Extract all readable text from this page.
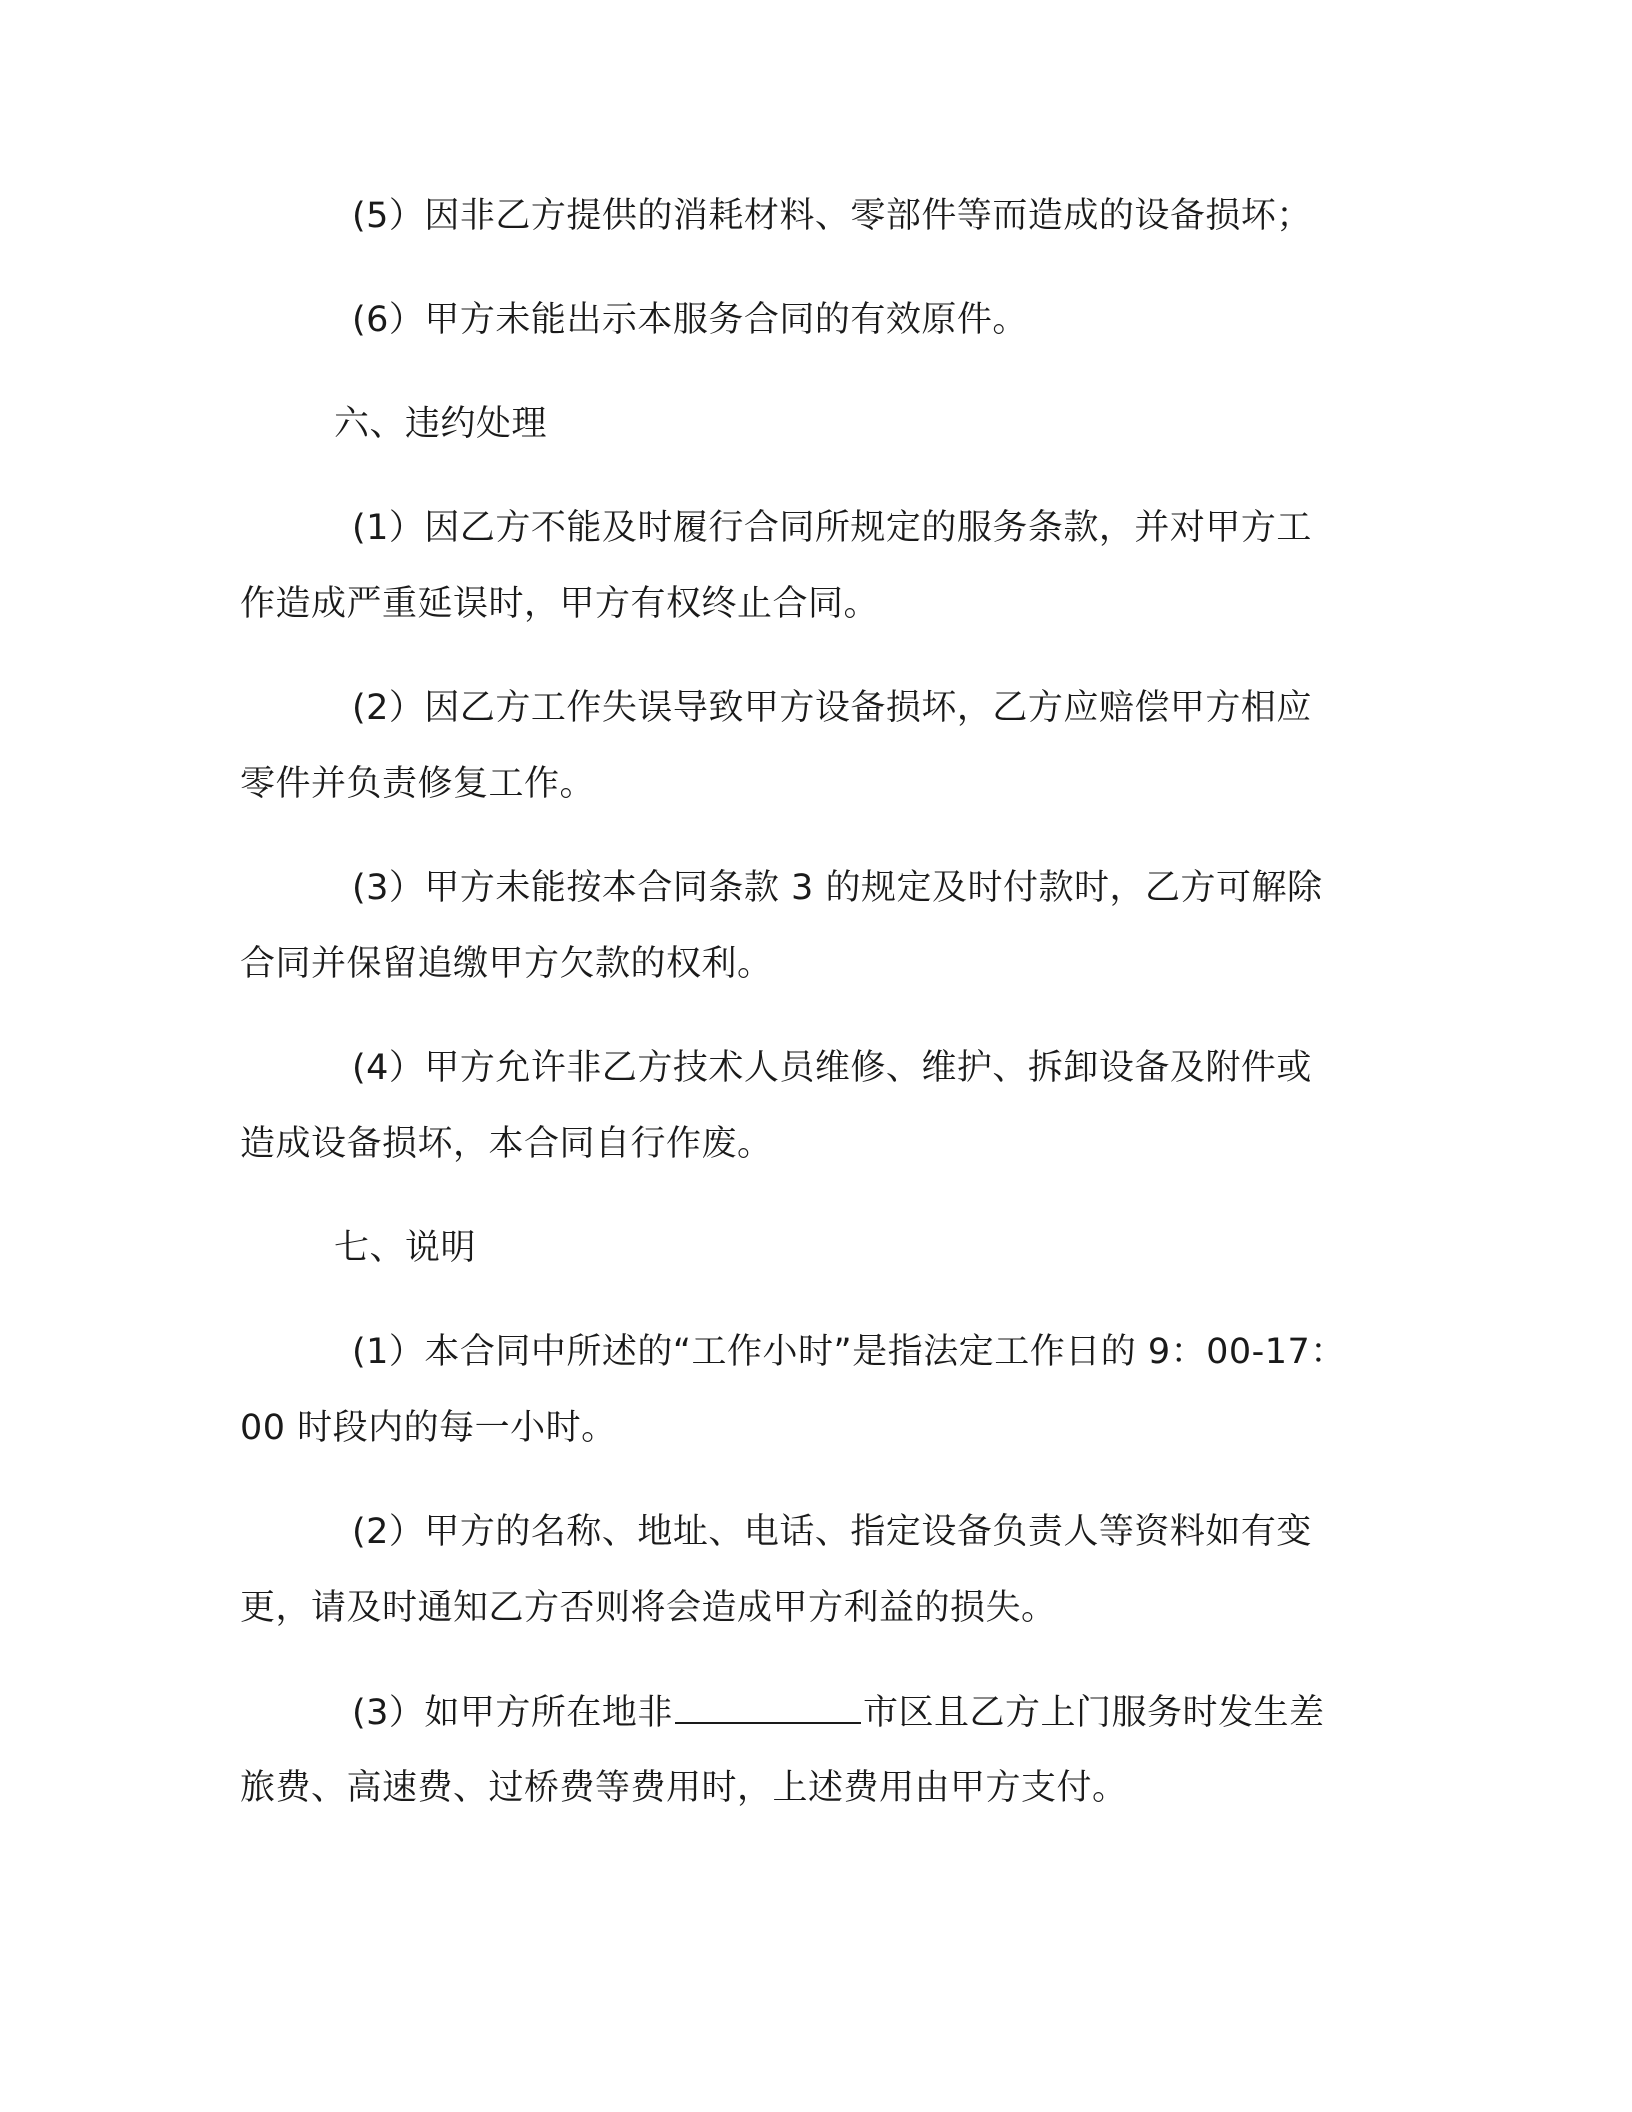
(5）因非乙方提供的消耗材料、零部件等而造成的设备损坏；
(6）甲方未能出示本服务合同的有效原件。
六、违约处理
(1）因乙方不能及时履行合同所规定的服务条款，并对甲方工
作造成严重延误时，甲方有权终止合同。
(2）因乙方工作失误导致甲方设备损坏，乙方应赔偿甲方相应
零件并负责修复工作。
(3）甲方未能按本合同条款 3 的规定及时付款时，乙方可解除
合同并保留追缴甲方欠款的权利。
(4）甲方允许非乙方技术人员维修、维护、拆卸设备及附件或
造成设备损坏，本合同自行作废。
七、说明
(1）本合同中所述的“工作小时”是指法定工作日的 9：00-17：
00 时段内的每一小时。
(2）甲方的名称、地址、电话、指定设备负责人等资料如有变
更，请及时通知乙方否则将会造成甲方利益的损失。
(3）如甲方所在地非	市区且乙方上门服务时发生差
旅费、高速费、过桥费等费用时，上述费用由甲方支付。
